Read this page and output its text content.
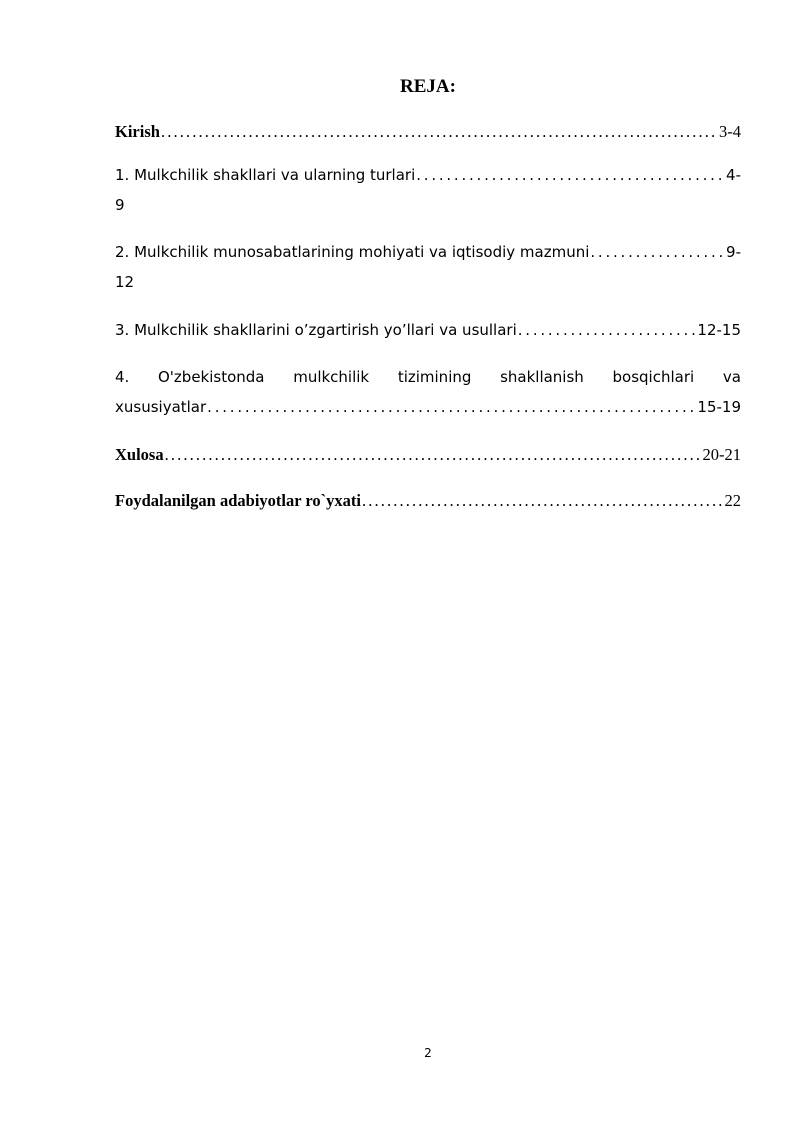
REJA:
Kirish . . .	3-4
1. Mulkchilik shakllari va ularning turlari . . .	4-
9
2. Mulkchilik munosabatlarining mohiyati va iqtisodiy mazmuni . . .	9-
12
3. Mulkchilik shakllarini o’zgartirish yo’llari va usullari . . .	12-15
4. O'zbekistonda mulkchilik tizimining shakllanish bosqichlari va
xususiyatlar . . .	15-19
Xulosa . . .	20-21
Foydalanilgan adabiyotlar ro`yxati . . .	22
2
